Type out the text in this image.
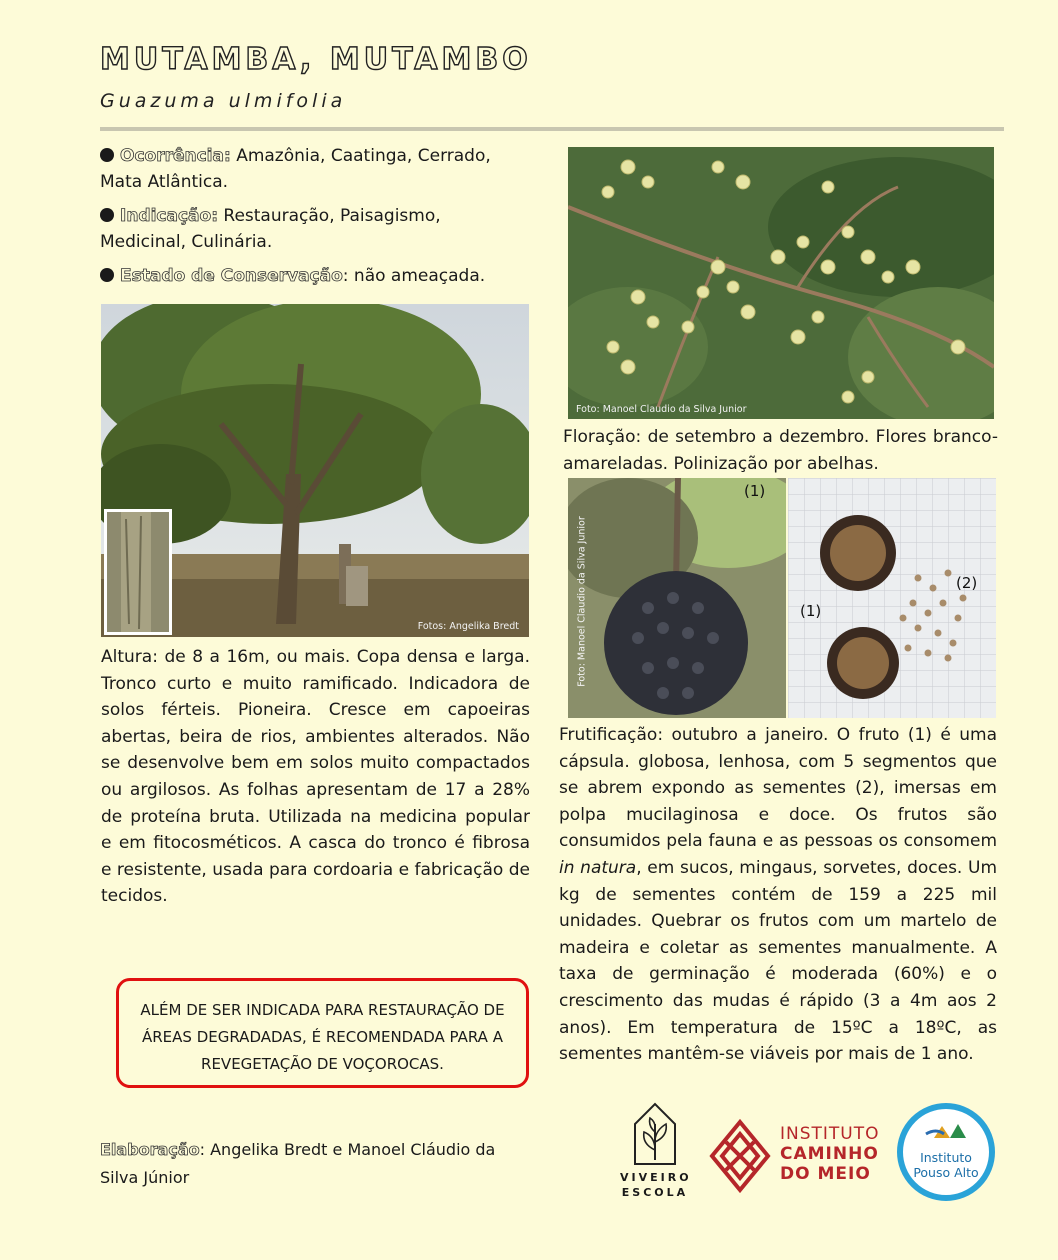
MUTAMBA, MUTAMBO
Guazuma ulmifolia
Ocorrência: Amazônia, Caatinga, Cerrado, Mata Atlântica.
Indicação: Restauração, Paisagismo, Medicinal, Culinária.
Estado de Conservação: não ameaçada.
Fotos: Angelika Bredt
Altura: de 8 a 16m, ou mais. Copa densa e larga. Tronco curto e muito ramificado. Indicadora de solos férteis. Pioneira. Cresce em capoeiras abertas, beira de rios, ambientes alterados. Não se desenvolve bem em solos muito compactados ou argilosos. As folhas apresentam de 17 a 28% de proteína bruta. Utilizada na medicina popular e em fitocosméticos. A casca do tronco é fibrosa e resistente, usada para cordoaria e fabricação de tecidos.
ALÉM DE SER INDICADA PARA RESTAURAÇÃO DE ÁREAS DEGRADADAS, É RECOMENDADA PARA A REVEGETAÇÃO DE VOÇOROCAS.
Elaboração: Angelika Bredt e Manoel Cláudio da Silva Júnior
Foto: Manoel Claudio da Silva Junior
Floração: de setembro a dezembro. Flores branco-amareladas. Polinização por abelhas.
(1)
Foto: Manoel Claudio da Silva Junior	(2)
(1)
Frutificação: outubro a janeiro. O fruto (1) é uma cápsula. globosa, lenhosa, com 5 segmentos que se abrem expondo as sementes (2), imersas em polpa mucilaginosa e doce. Os frutos são consumidos pela fauna e as pessoas os consomem in natura, em sucos, mingaus, sorvetes, doces. Um kg de sementes contém de 159 a 225 mil unidades. Quebrar os frutos com um martelo de madeira e coletar as sementes manualmente. A taxa de germinação é moderada (60%) e o crescimento das mudas é rápido (3 a 4m aos 2 anos). Em temperatura de 15ºC a 18ºC, as sementes mantêm-se viáveis por mais de 1 ano.
VIVEIRO
ESCOLA
INSTITUTO
CAMINHO
DO MEIO
Instituto
Pouso Alto
